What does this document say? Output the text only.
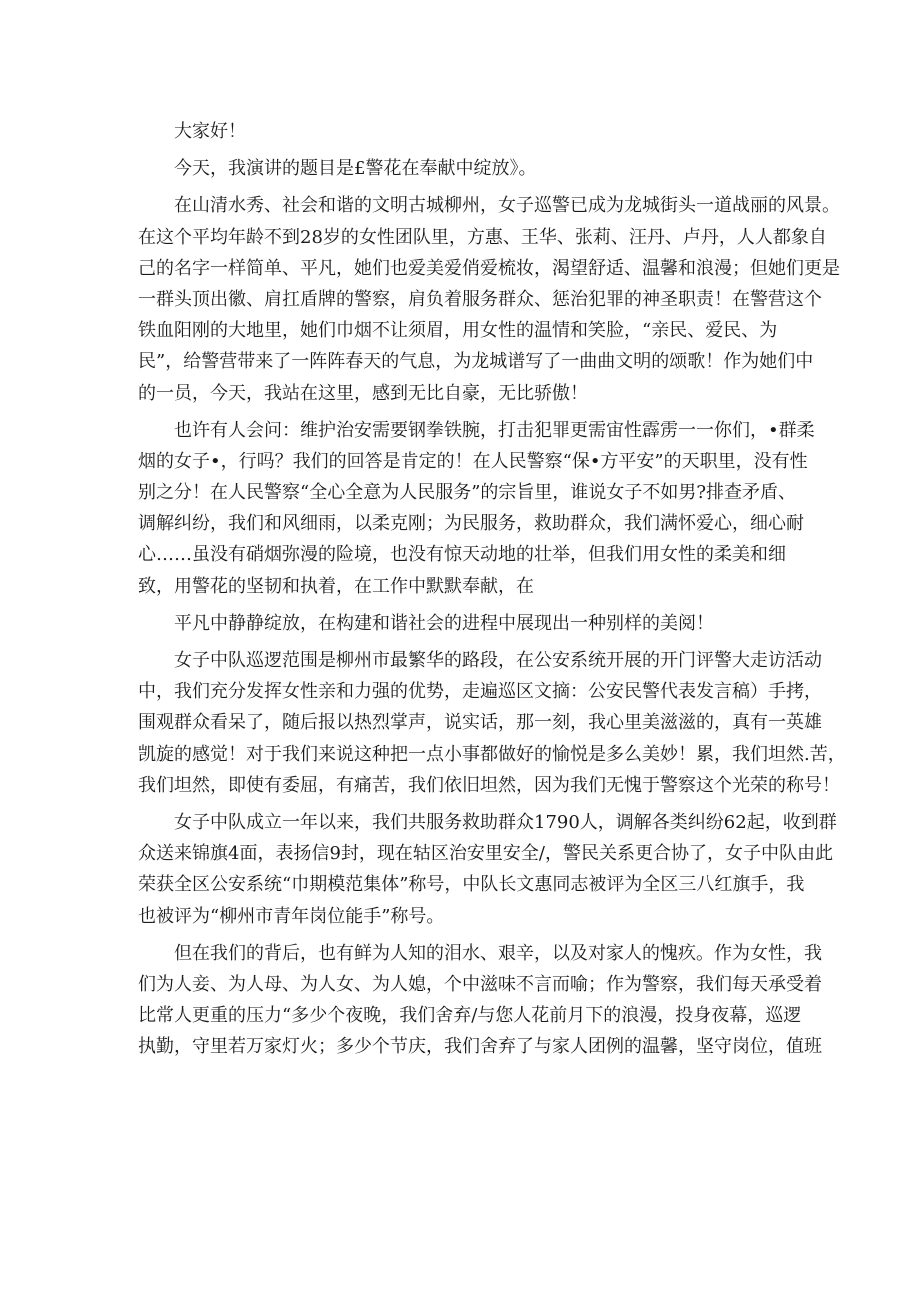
大家好！
今天，我演讲的题目是£警花在奉献中绽放》。
在山清水秀、社会和谐的文明古城柳州，女子巡警已成为龙城街头一道战丽的风景。
在这个平均年龄不到28岁的女性团队里，方惠、王华、张莉、汪丹、卢丹，人人都象自
己的名字一样简单、平凡，她们也爱美爱俏爱梳妆，渴望舒适、温馨和浪漫；但她们更是
一群头顶出徽、肩扛盾牌的警察，肩负着服务群众、惩治犯罪的神圣职责！在警营这个
铁血阳刚的大地里，她们巾烟不让须眉，用女性的温情和笑脸，“亲民、爱民、为
民”，给警营带来了一阵阵春天的气息，为龙城谱写了一曲曲文明的颂歌！作为她们中
的一员，今天，我站在这里，感到无比自豪，无比骄傲！
也许有人会问：维护治安需要钢拳铁腕，打击犯罪更需宙性霹雳一一你们，•群柔
烟的女子•，行吗？我们的回答是肯定的！在人民警察“保•方平安”的天职里，没有性
别之分！在人民警察“全心全意为人民服务”的宗旨里，谁说女子不如男?排查矛盾、
调解纠纷，我们和风细雨，以柔克刚；为民服务，救助群众，我们满怀爱心，细心耐
心……虽没有硝烟弥漫的险境，也没有惊天动地的壮举，但我们用女性的柔美和细
致，用警花的坚韧和执着，在工作中默默奉献，在
平凡中静静绽放，在构建和谐社会的进程中展现出一种别样的美阅！
女子中队巡逻范围是柳州市最繁华的路段，在公安系统开展的开门评警大走访活动
中，我们充分发挥女性亲和力强的优势，走遍巡区文摘：公安民警代表发言稿）手拷，
围观群众看呆了，随后报以热烈掌声，说实话，那一刻，我心里美滋滋的，真有一英雄
凯旋的感觉！对于我们来说这种把一点小事都做好的愉悦是多么美妙！累，我们坦然.苦，
我们坦然，即使有委屈，有痛苦，我们依旧坦然，因为我们无愧于警察这个光荣的称号！
女子中队成立一年以来，我们共服务救助群众1790人，调解各类纠纷62起，收到群
众送来锦旗4面，表扬信9封，现在轱区治安里安全/，警民关系更合协了，女子中队由此
荣获全区公安系统“巾期模范集体”称号，中队长文惠同志被评为全区三八红旗手，我
也被评为“柳州市青年岗位能手”称号。
但在我们的背后，也有鲜为人知的泪水、艰辛，以及对家人的愧疚。作为女性，我
们为人妾、为人母、为人女、为人媳，个中滋味不言而喻；作为警察，我们每天承受着
比常人更重的压力“多少个夜晚，我们舍弃/与您人花前月下的浪漫，投身夜幕，巡逻
执勤，守里若万家灯火；多少个节庆，我们舍弃了与家人团例的温馨，坚守岗位，值班
